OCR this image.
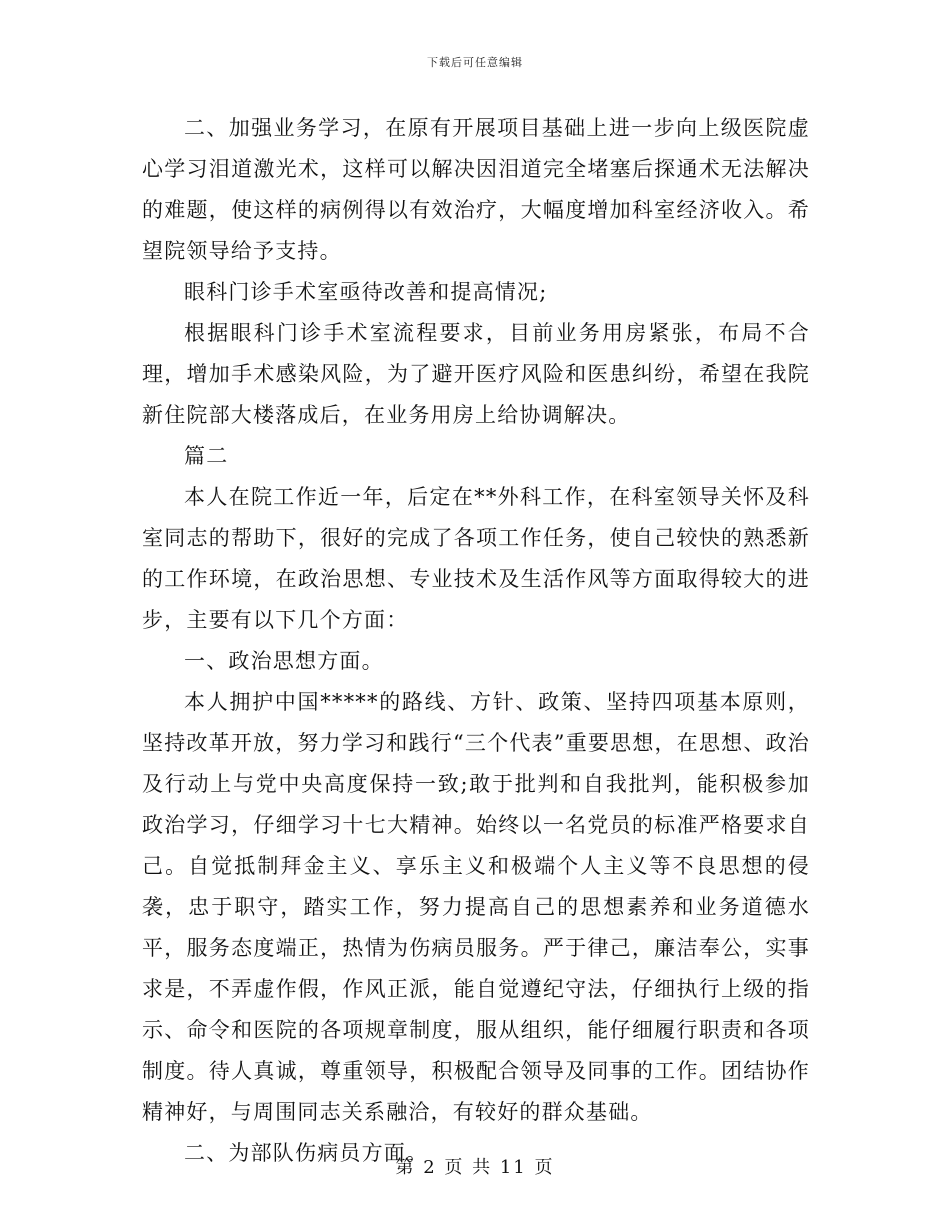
下载后可任意编辑

二、加强业务学习，在原有开展项目基础上进一步向上级医院虚心学习泪道激光术，这样可以解决因泪道完全堵塞后探通术无法解决的难题，使这样的病例得以有效治疗，大幅度增加科室经济收入。希望院领导给予支持。

眼科门诊手术室亟待改善和提高情况;

根据眼科门诊手术室流程要求，目前业务用房紧张，布局不合理，增加手术感染风险，为了避开医疗风险和医患纠纷，希望在我院新住院部大楼落成后，在业务用房上给协调解决。

篇二

本人在院工作近一年，后定在**外科工作，在科室领导关怀及科室同志的帮助下，很好的完成了各项工作任务，使自己较快的熟悉新的工作环境，在政治思想、专业技术及生活作风等方面取得较大的进步，主要有以下几个方面：

一、政治思想方面。

本人拥护中国*****的路线、方针、政策、坚持四项基本原则，坚持改革开放，努力学习和践行“三个代表”重要思想，在思想、政治及行动上与党中央高度保持一致;敢于批判和自我批判，能积极参加政治学习，仔细学习十七大精神。始终以一名党员的标准严格要求自己。自觉抵制拜金主义、享乐主义和极端个人主义等不良思想的侵袭，忠于职守，踏实工作，努力提高自己的思想素养和业务道德水平，服务态度端正，热情为伤病员服务。严于律己，廉洁奉公，实事求是，不弄虚作假，作风正派，能自觉遵纪守法，仔细执行上级的指示、命令和医院的各项规章制度，服从组织，能仔细履行职责和各项制度。待人真诚，尊重领导，积极配合领导及同事的工作。团结协作精神好，与周围同志关系融洽，有较好的群众基础。

二、为部队伤病员方面。

第 2 页 共 11 页
